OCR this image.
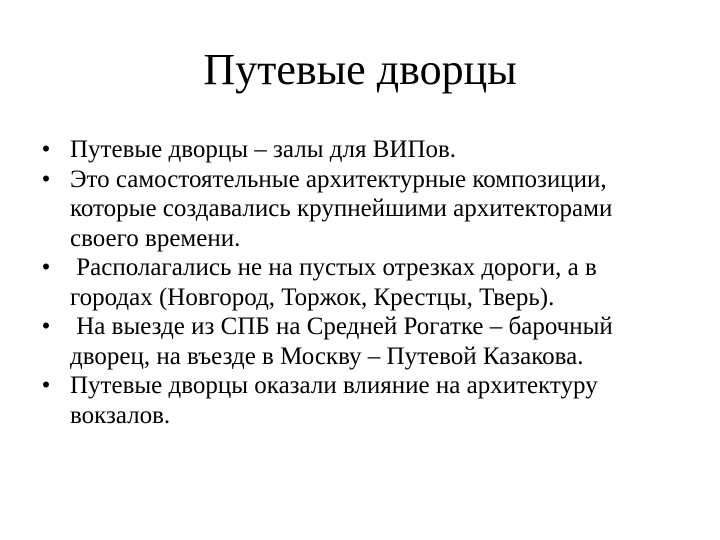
Путевые дворцы
• Путевые дворцы – залы для ВИПов.
• Это самостоятельные архитектурные композиции,
которые создавались крупнейшими архитекторами
своего времени.
• Располагались не на пустых отрезках дороги, а в
городах (Новгород, Торжок, Крестцы, Тверь).
• На выезде из СПБ на Средней Рогатке – барочный
дворец, на въезде в Москву – Путевой Казакова.
• Путевые дворцы оказали влияние на архитектуру
вокзалов.
